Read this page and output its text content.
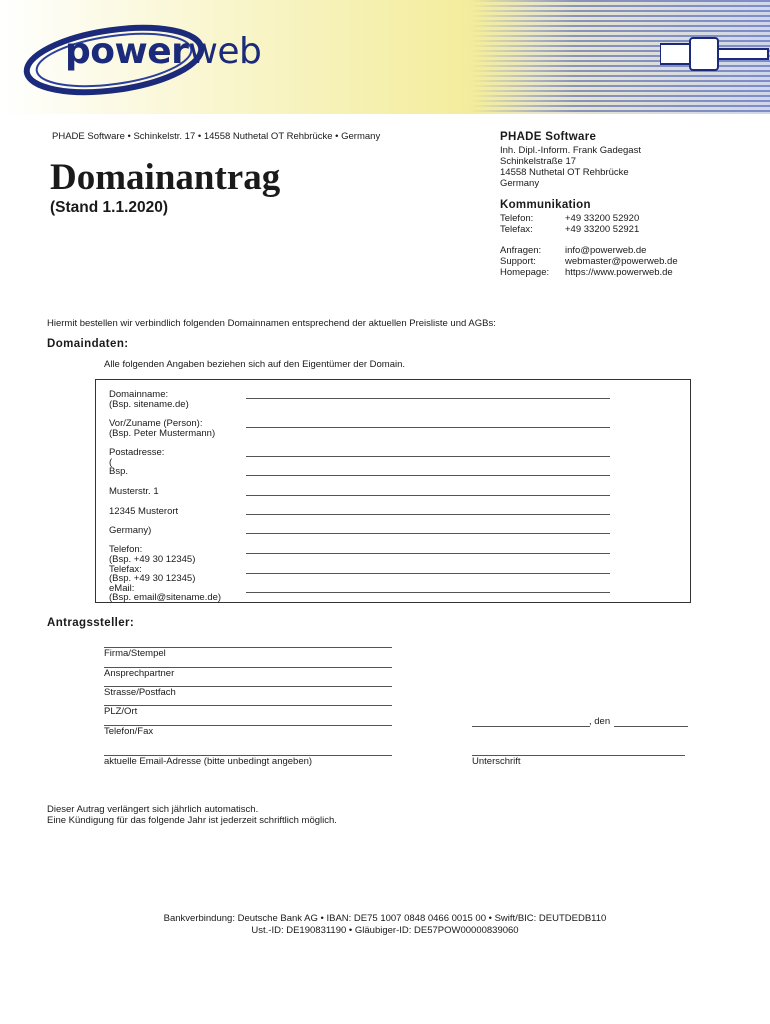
powerweb
PHADE Software • Schinkelstr. 17 • 14558 Nuthetal OT Rehbrücke • Germany
Domainantrag
(Stand 1.1.2020)
PHADE Software
Inh. Dipl.-Inform. Frank Gadegast
Schinkelstraße 17
14558 Nuthetal OT Rehbrücke
Germany
Kommunikation
Telefon:	+49 33200 52920
Telefax:	+49 33200 52921
Anfragen:	info@powerweb.de
Support:	webmaster@powerweb.de
Homepage: https://www.powerweb.de
Hiermit bestellen wir verbindlich folgenden Domainnamen entsprechend der aktuellen Preisliste und AGBs:
Domaindaten:
Alle folgenden Angaben beziehen sich auf den Eigentümer der Domain.
Domainname:
(Bsp. sitename.de)
Vor/Zuname (Person):
(Bsp. Peter Mustermann)
Postadresse:
(
Bsp.
Musterstr. 1
12345 Musterort
Germany)
Telefon:
(Bsp. +49 30 12345)
Telefax:
(Bsp. +49 30 12345)
eMail:
(Bsp. email@sitename.de)
Antragssteller:
Firma/Stempel
Ansprechpartner
Strasse/Postfach
PLZ/Ort
Telefon/Fax
aktuelle Email-Adresse (bitte unbedingt angeben)
, den
Unterschrift
Dieser Autrag verlängert sich jährlich automatisch.
Eine Kündigung für das folgende Jahr ist jederzeit schriftlich möglich.
Bankverbindung: Deutsche Bank AG • IBAN: DE75 1007 0848 0466 0015 00 • Swift/BIC: DEUTDEDB110
Ust.-ID: DE190831190 • Gläubiger-ID: DE57POW00000839060
